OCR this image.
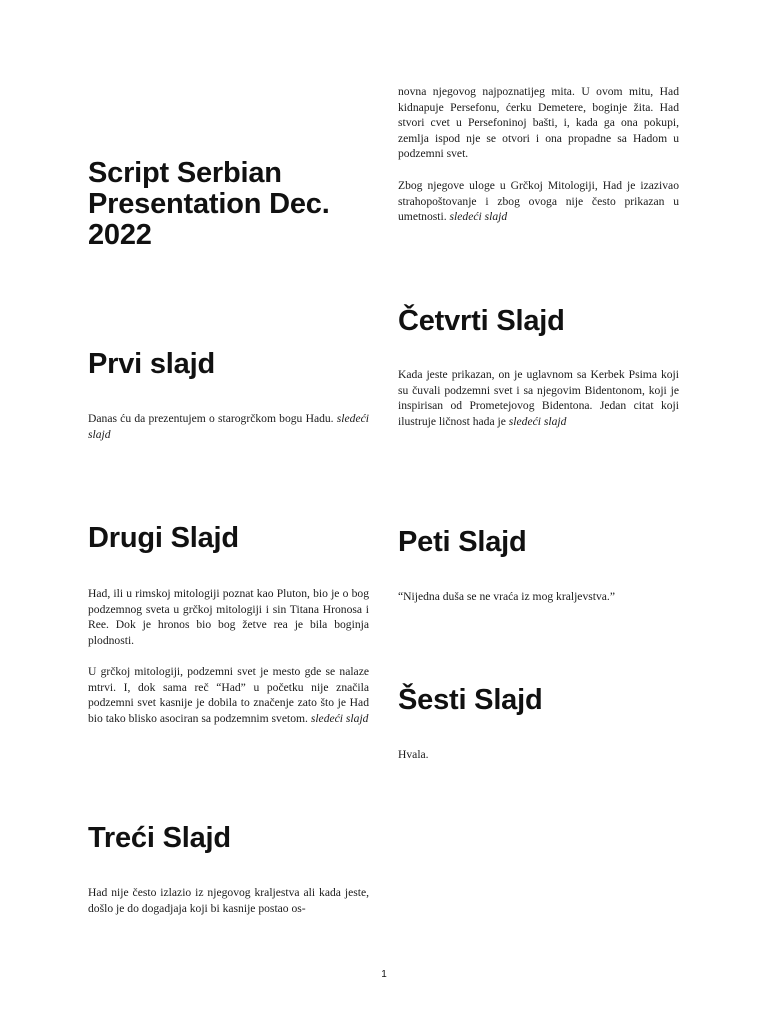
Script Serbian Presentation Dec. 2022
Prvi slajd

Danas ću da prezentujem o starogrčkom bogu Hadu. sledeći slajd

Drugi Slajd

Had, ili u rimskoj mitologiji poznat kao Pluton, bio je o bog podzemnog sveta u grčkoj mitologiji i sin Titana Hronosa i Ree. Dok je hronos bio bog žetve rea je bila boginja plodnosti.

U grčkoj mitologiji, podzemni svet je mesto gde se nalaze mtrvi. I, dok sama reč “Had” u početku nije značila podzemni svet kasnije je dobila to značenje zato što je Had bio tako blisko asociran sa podzemnim svetom. sledeći slajd

Treći Slajd

Had nije često izlazio iz njegovog kraljestva ali kada jeste, došlo je do dogadjaja koji bi kasnije postao os-

novna njegovog najpoznatijeg mita. U ovom mitu, Had kidnapuje Persefonu, ćerku Demetere, boginje žita. Had stvori cvet u Persefoninoj bašti, i, kada ga ona pokupi, zemlja ispod nje se otvori i ona propadne sa Hadom u podzemni svet.

Zbog njegove uloge u Grčkoj Mitologiji, Had je izazivao strahopoštovanje i zbog ovoga nije često prikazan u umetnosti. sledeći slajd

Četvrti Slajd

Kada jeste prikazan, on je uglavnom sa Kerbek Psima koji su čuvali podzemni svet i sa njegovim Bidentonom, koji je inspirisan od Prometejovog Bidentona. Jedan citat koji ilustruje ličnost hada je sledeći slajd

Peti Slajd

“Nijedna duša se ne vraća iz mog kraljevstva.”

Šesti Slajd

Hvala.

1
